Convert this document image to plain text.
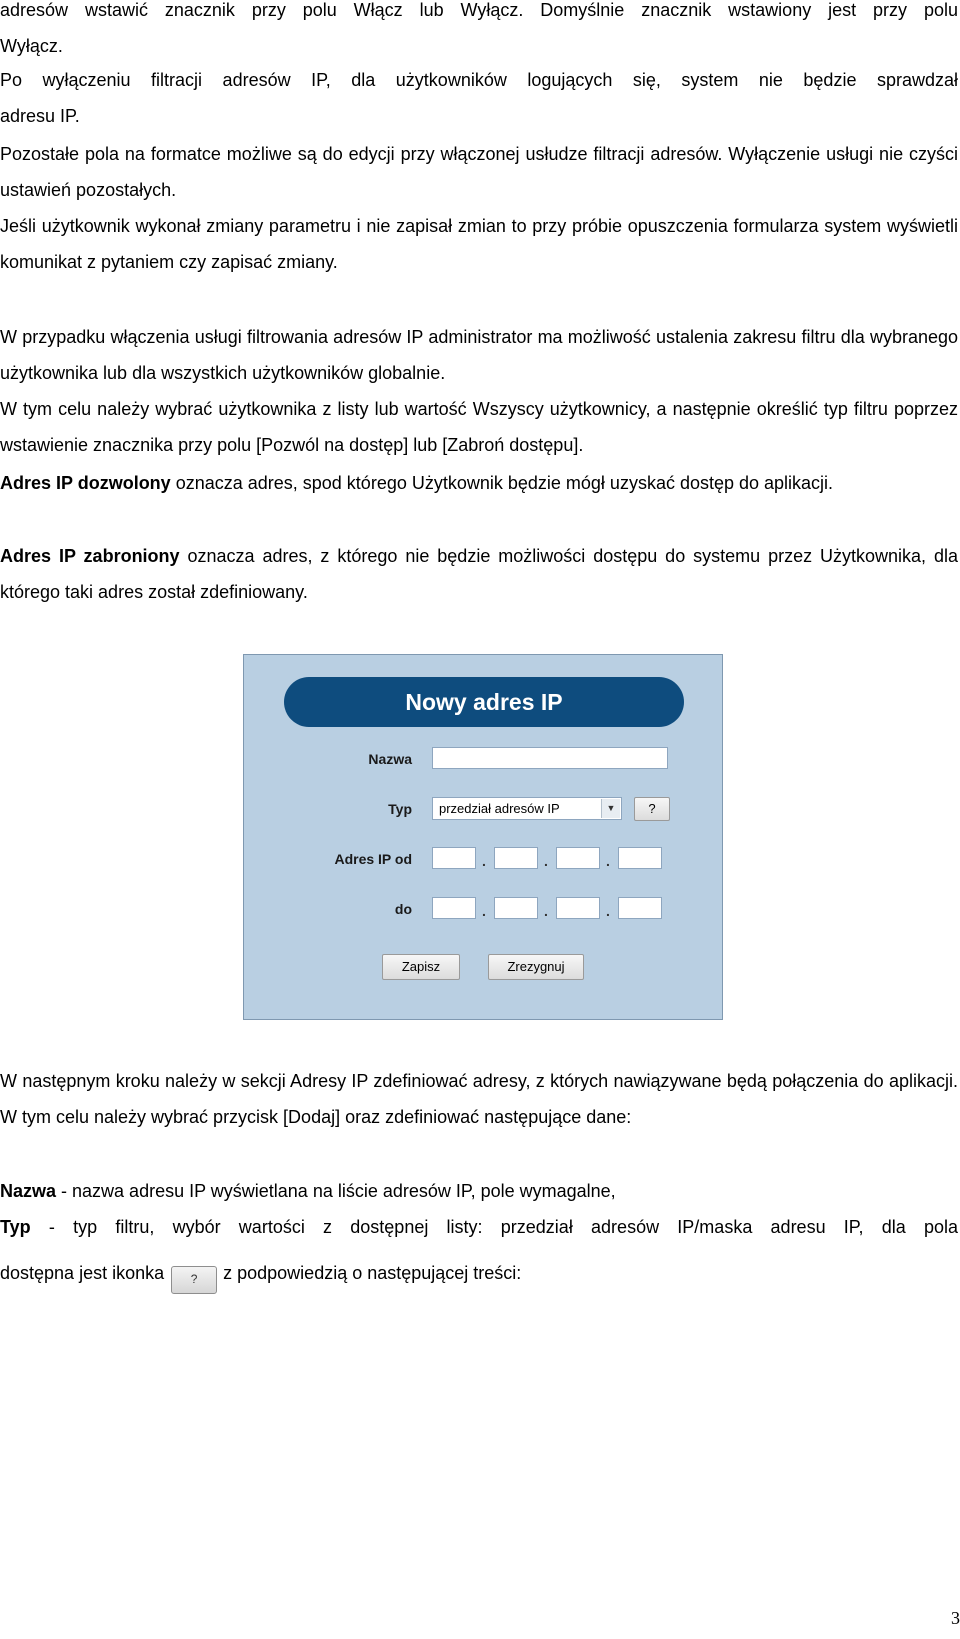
adresów wstawić znacznik przy polu Włącz lub Wyłącz. Domyślnie znacznik wstawiony jest przy polu
Wyłącz.
Po wyłączeniu filtracji adresów IP, dla użytkowników logujących się, system nie będzie sprawdzał
adresu IP.

Pozostałe pola na formatce możliwe są do edycji przy włączonej usłudze filtracji adresów. Wyłączenie usługi nie czyści ustawień pozostałych.

Jeśli użytkownik wykonał zmiany parametru i nie zapisał zmian to przy próbie opuszczenia formularza system wyświetli komunikat z pytaniem czy zapisać zmiany.

W przypadku włączenia usługi filtrowania adresów IP administrator ma możliwość ustalenia zakresu filtru dla wybranego użytkownika lub dla wszystkich użytkowników globalnie.

W tym celu należy wybrać użytkownika z listy lub wartość Wszyscy użytkownicy, a następnie określić typ filtru poprzez wstawienie znacznika przy polu [Pozwól na dostęp] lub [Zabroń dostępu].

Adres IP dozwolony oznacza adres, spod którego Użytkownik będzie mógł uzyskać dostęp do aplikacji.

Adres IP zabroniony oznacza adres, z którego nie będzie możliwości dostępu do systemu przez Użytkownika, dla którego taki adres został zdefiniowany.

Nowy adres IP
Nazwa
Typ	przedział adresów IP	▼	?
Adres IP od	.	.	.
do	.	.	.
Zapisz	Zrezygnuj

W następnym kroku należy w sekcji Adresy IP zdefiniować adresy, z których nawiązywane będą połączenia do aplikacji. W tym celu należy wybrać przycisk [Dodaj] oraz zdefiniować następujące dane:

Nazwa - nazwa adresu IP wyświetlana na liście adresów IP, pole wymagalne,

Typ - typ filtru, wybór wartości z dostępnej listy: przedział adresów IP/maska adresu IP, dla pola
dostępna jest ikonka ? z podpowiedzią o następującej treści:
3
